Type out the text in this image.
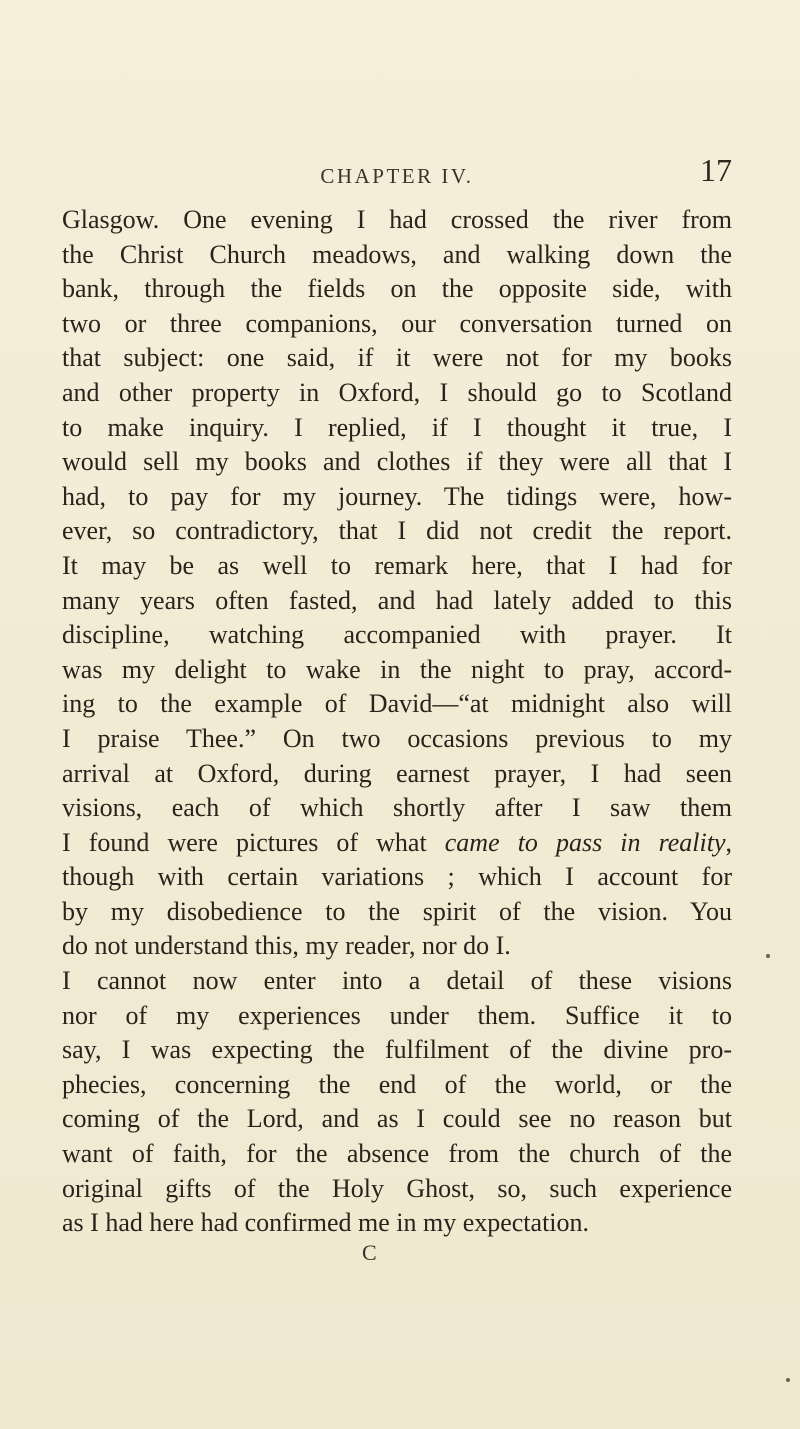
CHAPTER IV.	17
Glasgow. One evening I had crossed the river from
the Christ Church meadows, and walking down the
bank, through the fields on the opposite side, with
two or three companions, our conversation turned on
that subject: one said, if it were not for my books
and other property in Oxford, I should go to Scotland
to make inquiry. I replied, if I thought it true, I
would sell my books and clothes if they were all that I
had, to pay for my journey. The tidings were, how-
ever, so contradictory, that I did not credit the report.
It may be as well to remark here, that I had for
many years often fasted, and had lately added to this
discipline, watching accompanied with prayer. It
was my delight to wake in the night to pray, accord-
ing to the example of David—“at midnight also will
I praise Thee.” On two occasions previous to my
arrival at Oxford, during earnest prayer, I had seen
visions, each of which shortly after I saw them
I found were pictures of what came to pass in reality,
though with certain variations ; which I account for
by my disobedience to the spirit of the vision. You
do not understand this, my reader, nor do I.
I cannot now enter into a detail of these visions
nor of my experiences under them. Suffice it to
say, I was expecting the fulfilment of the divine pro-
phecies, concerning the end of the world, or the
coming of the Lord, and as I could see no reason but
want of faith, for the absence from the church of the
original gifts of the Holy Ghost, so, such experience
as I had here had confirmed me in my expectation.
C
